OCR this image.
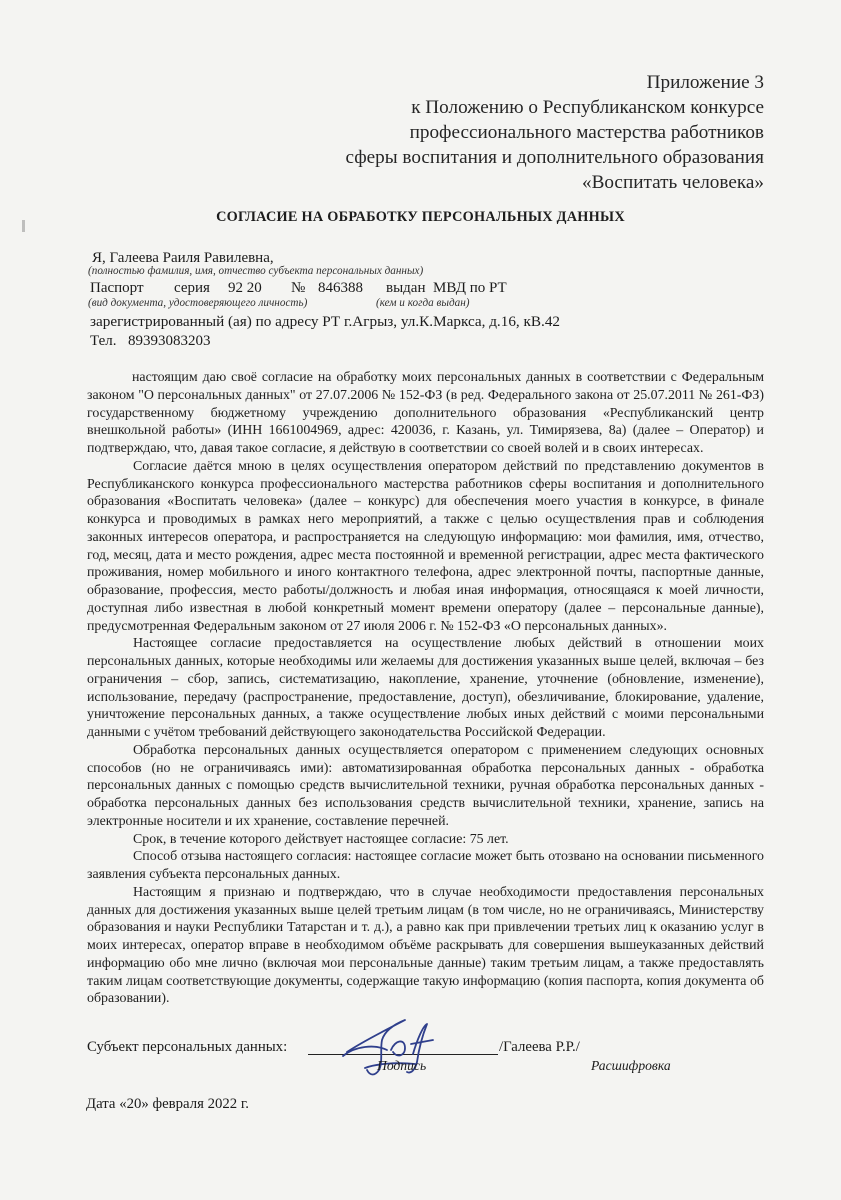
Приложение 3
к Положению о Республиканском конкурсе
профессионального мастерства работников
сферы воспитания и дополнительного образования
«Воспитать человека»
СОГЛАСИЕ НА ОБРАБОТКУ ПЕРСОНАЛЬНЫХ ДАННЫХ
Я, Галеева Раиля Равилевна,
(полностью фамилия, имя, отчество субъекта персональных данных)
Паспорт серия 92 20 № 846388 выдан МВД по РТ
(вид документа, удостоверяющего личность)	(кем и когда выдан)
зарегистрированный (ая) по адресу РТ г.Агрыз, ул.К.Маркса, д.16, кВ.42
Тел. 89393083203

настоящим даю своё согласие на обработку моих персональных данных в соответствии с Федеральным законом "О персональных данных" от 27.07.2006 № 152-ФЗ (в ред. Федерального закона от 25.07.2011 № 261-ФЗ) государственному бюджетному учреждению дополнительного образования «Республиканский центр внешкольной работы» (ИНН 1661004969, адрес: 420036, г. Казань, ул. Тимирязева, 8а) (далее – Оператор) и подтверждаю, что, давая такое согласие, я действую в соответствии со своей волей и в своих интересах.

Согласие даётся мною в целях осуществления оператором действий по представлению документов в Республиканского конкурса профессионального мастерства работников сферы воспитания и дополнительного образования «Воспитать человека» (далее – конкурс) для обеспечения моего участия в конкурсе, в финале конкурса и проводимых в рамках него мероприятий, а также с целью осуществления прав и соблюдения законных интересов оператора, и распространяется на следующую информацию: мои фамилия, имя, отчество, год, месяц, дата и место рождения, адрес места постоянной и временной регистрации, адрес места фактического проживания, номер мобильного и иного контактного телефона, адрес электронной почты, паспортные данные, образование, профессия, место работы/должность и любая иная информация, относящаяся к моей личности, доступная либо известная в любой конкретный момент времени оператору (далее – персональные данные), предусмотренная Федеральным законом от 27 июля 2006 г. № 152-ФЗ «О персональных данных».

Настоящее согласие предоставляется на осуществление любых действий в отношении моих персональных данных, которые необходимы или желаемы для достижения указанных выше целей, включая – без ограничения – сбор, запись, систематизацию, накопление, хранение, уточнение (обновление, изменение), использование, передачу (распространение, предоставление, доступ), обезличивание, блокирование, удаление, уничтожение персональных данных, а также осуществление любых иных действий с моими персональными данными с учётом требований действующего законодательства Российской Федерации.

Обработка персональных данных осуществляется оператором с применением следующих основных способов (но не ограничиваясь ими): автоматизированная обработка персональных данных - обработка персональных данных с помощью средств вычислительной техники, ручная обработка персональных данных - обработка персональных данных без использования средств вычислительной техники, хранение, запись на электронные носители и их хранение, составление перечней.

Срок, в течение которого действует настоящее согласие: 75 лет.

Способ отзыва настоящего согласия: настоящее согласие может быть отозвано на основании письменного заявления субъекта персональных данных.

Настоящим я признаю и подтверждаю, что в случае необходимости предоставления персональных данных для достижения указанных выше целей третьим лицам (в том числе, но не ограничиваясь, Министерству образования и науки Республики Татарстан и т. д.), а равно как при привлечении третьих лиц к оказанию услуг в моих интересах, оператор вправе в необходимом объёме раскрывать для совершения вышеуказанных действий информацию обо мне лично (включая мои персональные данные) таким третьим лицам, а также предоставлять таким лицам соответствующие документы, содержащие такую информацию (копия паспорта, копия документа об образовании).

Субъект персональных данных:	/Галеева Р.Р./
Подпись	Расшифровка
Дата «20» февраля 2022 г.
